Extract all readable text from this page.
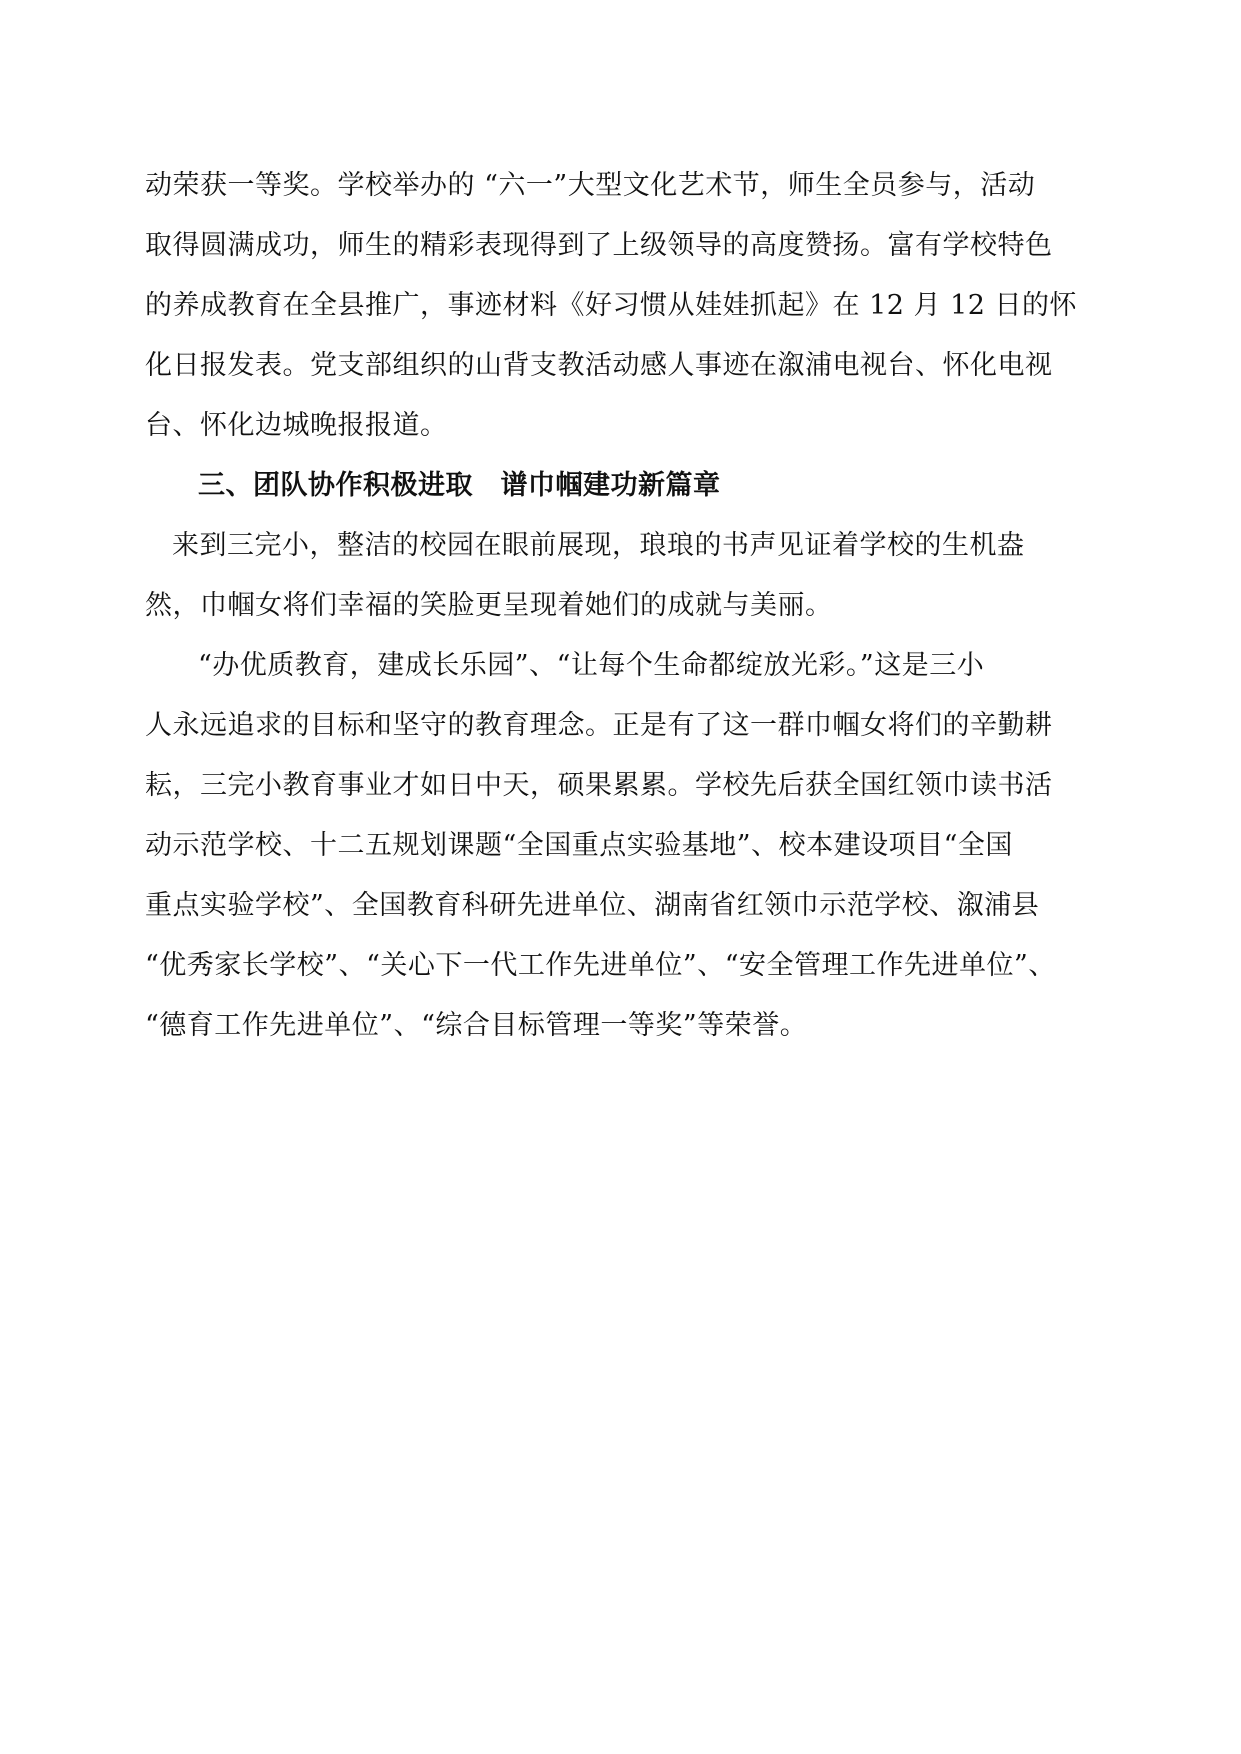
动荣获一等奖。学校举办的 “六一”大型文化艺术节，师生全员参与，活动
取得圆满成功，师生的精彩表现得到了上级领导的高度赞扬。富有学校特色
的养成教育在全县推广，事迹材料《好习惯从娃娃抓起》在 12 月 12 日的怀
化日报发表。党支部组织的山背支教活动感人事迹在溆浦电视台、怀化电视
台、怀化边城晚报报道。
三、团队协作积极进取　谱巾帼建功新篇章
来到三完小，整洁的校园在眼前展现，琅琅的书声见证着学校的生机盎
然，巾帼女将们幸福的笑脸更呈现着她们的成就与美丽。
“办优质教育，建成长乐园”、“让每个生命都绽放光彩。”这是三小
人永远追求的目标和坚守的教育理念。正是有了这一群巾帼女将们的辛勤耕
耘，三完小教育事业才如日中天，硕果累累。学校先后获全国红领巾读书活
动示范学校、十二五规划课题“全国重点实验基地”、校本建设项目“全国
重点实验学校”、全国教育科研先进单位、湖南省红领巾示范学校、溆浦县
“优秀家长学校”、“关心下一代工作先进单位”、“安全管理工作先进单位”、
“德育工作先进单位”、“综合目标管理一等奖”等荣誉。
